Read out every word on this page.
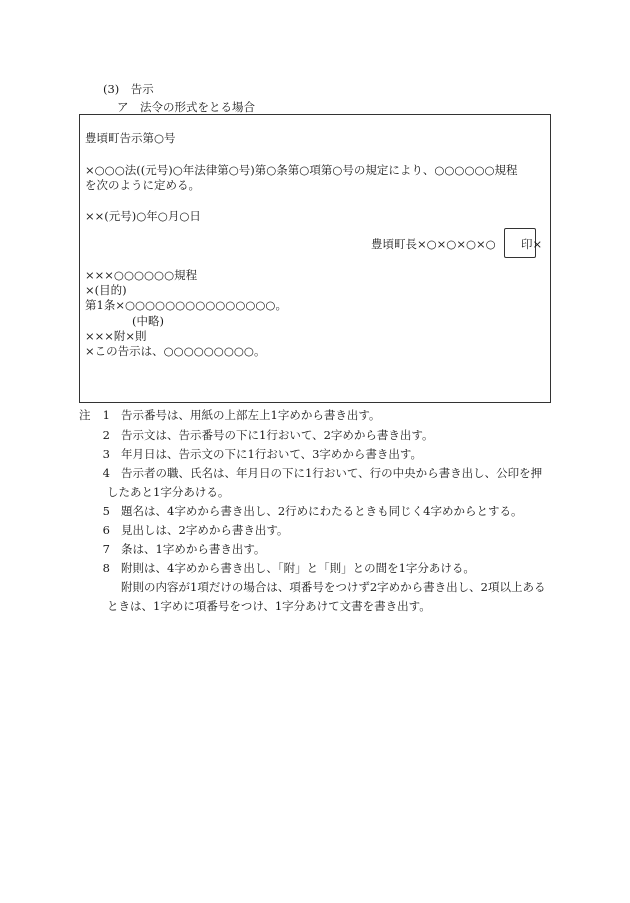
(3)　告示
ア　法令の形式をとる場合
豊頃町告示第○号
×○○○法((元号)○年法律第○号)第○条第○項第○号の規定により、○○○○○○規程
を次のように定める。
××(元号)○年○月○日
豊頃町長×○×○×○×○ 印×
×××○○○○○○規程
×(目的)
第1条×○○○○○○○○○○○○○○○。
(中略)
×××附×則
×この告示は、○○○○○○○○○。
注	1 告示番号は、用紙の上部左上1字めから書き出す。
2 告示文は、告示番号の下に1行おいて、2字めから書き出す。
3 年月日は、告示文の下に1行おいて、3字めから書き出す。
4 告示者の職、氏名は、年月日の下に1行おいて、行の中央から書き出し、公印を押
したあと1字分あける。
5 題名は、4字めから書き出し、2行めにわたるときも同じく4字めからとする。
6 見出しは、2字めから書き出す。
7 条は、1字めから書き出す。
8 附則は、4字めから書き出し、「附」と「則」との間を1字分あける。
附則の内容が1項だけの場合は、項番号をつけず2字めから書き出し、2項以上ある
ときは、1字めに項番号をつけ、1字分あけて文書を書き出す。
